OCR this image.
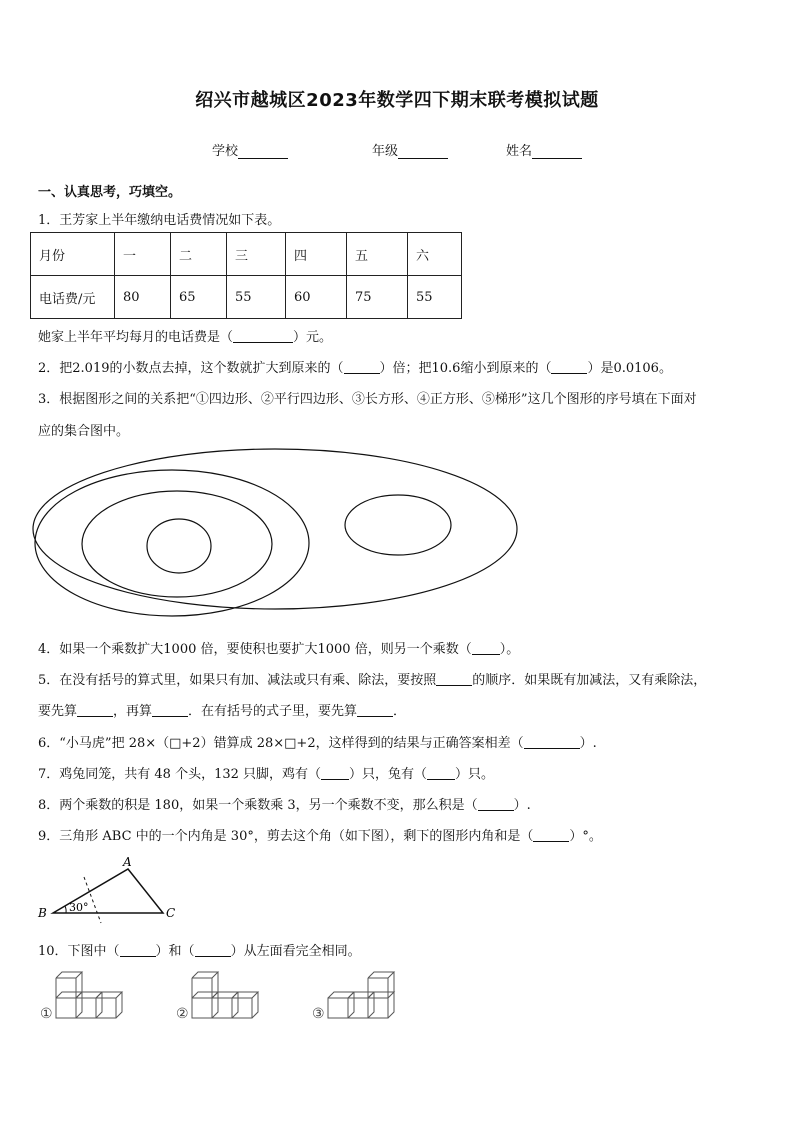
绍兴市越城区2023年数学四下期末联考模拟试题
学校	年级	姓名
一、认真思考，巧填空。
1．王芳家上半年缴纳电话费情况如下表。
月份	一	二	三	四	五	六
电话费/元	80	65	55	60	75	55
她家上半年平均每月的电话费是（	）元。
2．把2.019的小数点去掉，这个数就扩大到原来的（	）倍；把10.6缩小到原来的（	）是0.0106。
3．根据图形之间的关系把“①四边形、②平行四边形、③长方形、④正方形、⑤梯形”这几个图形的序号填在下面对
应的集合图中。
4．如果一个乘数扩大1000 倍，要使积也要扩大1000 倍，则另一个乘数（ ）。
5．在没有括号的算式里，如果只有加、减法或只有乘、除法，要按照	的顺序．如果既有加减法，又有乘除法，
要先算	，再算	．在有括号的式子里，要先算	．
6．“小马虎”把 28×（□+2）错算成 28×□+2，这样得到的结果与正确答案相差（	）.
7．鸡兔同笼，共有 48 个头，132 只脚，鸡有（ ）只，兔有（ ）只。
8．两个乘数的积是 180，如果一个乘数乘 3，另一个乘数不变，那么积是（	）.
9．三角形 ABC 中的一个内角是 30°，剪去这个角（如下图），剩下的图形内角和是（	）°。
A
B	C
30°
10．下图中（	）和（	）从左面看完全相同。
①	②	③
